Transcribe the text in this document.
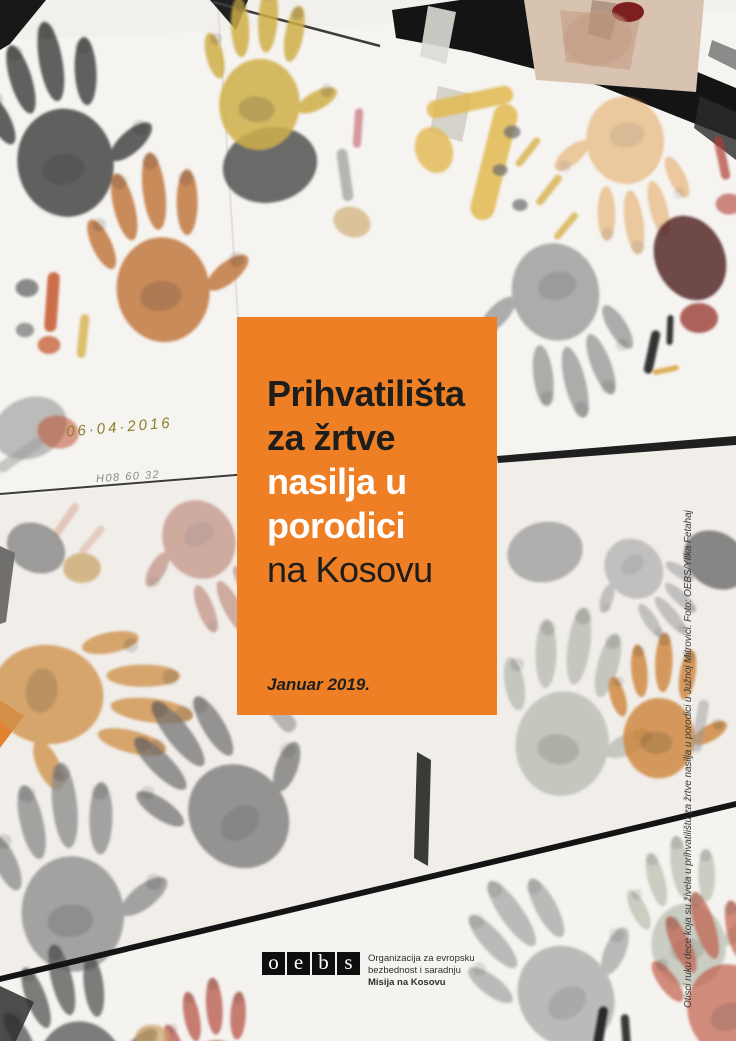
06·04·2016
H08 60 32
Prihvatilišta
za žrtve
nasilja u
porodici
na Kosovu
Januar 2019.	Otisci ruku dece koja su živela u prihvatilištu za žrtve nasilja u porodici u Južnoj Mitrovici. Foto: OEBS/Yllka Fetahaj
o e b s	Organizacija za evropsku
bezbednost i saradnju
Misija na Kosovu
